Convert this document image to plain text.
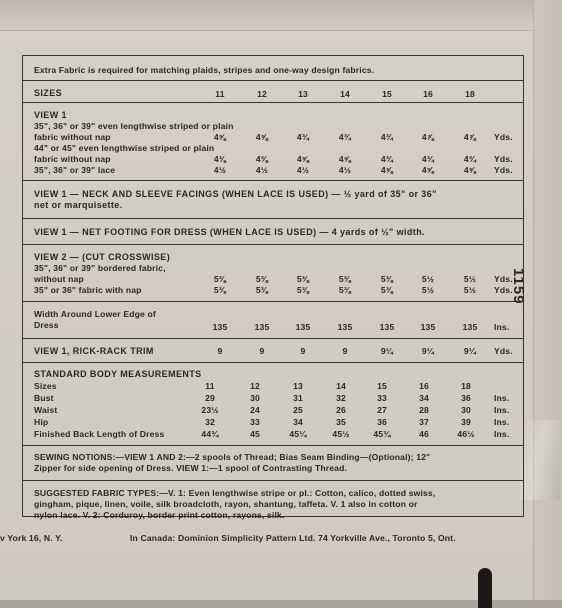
Extra Fabric is required for matching plaids, stripes and one-way design fabrics.
SIZES	11	12	13	14	15	16	18
VIEW 1
35", 36" or 39" even lengthwise striped or plain
fabric without nap	4⅝	4⅝	4¾	4¾	4¾	4⅞	4⅞	Yds.
44" or 45" even lengthwise striped or plain
fabric without nap	4⅜	4⅜	4⅝	4⅝	4¾	4¾	4¾	Yds.
35", 36" or 39" lace	4½	4½	4½	4½	4⅝	4⅝	4⅝	Yds.
VIEW 1 — NECK AND SLEEVE FACINGS (WHEN LACE IS USED) — ½ yard of 35" or 36"
net or marquisette.
VIEW 1 — NET FOOTING FOR DRESS (WHEN LACE IS USED) — 4 yards of ½" width.
VIEW 2 — (CUT CROSSWISE)
35", 36" or 39" bordered fabric,
without nap	5⅜	5⅜	5⅜	5⅜	5⅜	5½	5½	Yds.
35" or 36" fabric with nap	5⅜	5⅜	5⅜	5⅜	5⅜	5½	5½	Yds.
Width Around Lower Edge of
Dress	135	135	135	135	135	135	135	Ins.
VIEW 1, RICK-RACK TRIM	9	9	9	9	9¼	9¼	9¼	Yds.
STANDARD BODY MEASUREMENTS
Sizes	11	12	13	14	15	16	18
Bust	29	30	31	32	33	34	36	Ins.
Waist	23½	24	25	26	27	28	30	Ins.
Hip	32	33	34	35	36	37	39	Ins.
Finished Back Length of Dress	44¾	45	45¼	45½	45¾	46	46½	Ins.
SEWING NOTIONS:—VIEW 1 AND 2:—2 spools of Thread; Bias Seam Binding—(Optional); 12"
Zipper for side opening of Dress. VIEW 1:—1 spool of Contrasting Thread.
SUGGESTED FABRIC TYPES:—V. 1: Even lengthwise stripe or pl.: Cotton, calico, dotted swiss,
gingham, pique, linen, voile, silk broadcloth, rayon, shantung, taffeta. V. 1 also in cotton or
nylon lace. V. 2: Corduroy, border print cotton, rayons, silk.
v York 16, N. Y.	In Canada: Dominion Simplicity Pattern Ltd. 74 Yorkville Ave., Toronto 5, Ont.
1159
